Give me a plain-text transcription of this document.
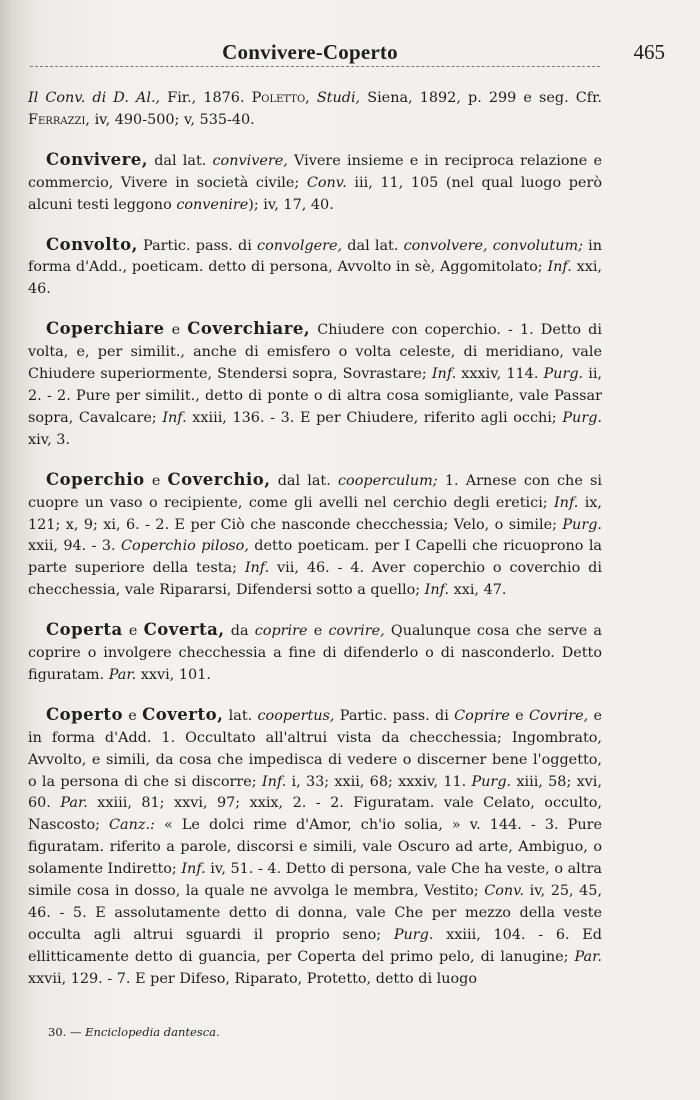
Convivere-Coperto	465

Il Conv. di D. Al., Fir., 1876. Poletto, Studi, Siena, 1892, p. 299 e seg. Cfr. Ferrazzi, iv, 490-500; v, 535-40.

Convivere, dal lat. convivere, Vivere insieme e in reciproca relazione e commercio, Vivere in società civile; Conv. iii, 11, 105 (nel qual luogo però alcuni testi leggono convenire); iv, 17, 40.

Convolto, Partic. pass. di convolgere, dal lat. convolvere, convolutum; in forma d'Add., poeticam. detto di persona, Avvolto in sè, Aggomitolato; Inf. xxi, 46.

Coperchiare e Coverchiare, Chiudere con coperchio. - 1. Detto di volta, e, per similit., anche di emisfero o volta celeste, di meridiano, vale Chiudere superiormente, Stendersi sopra, Sovrastare; Inf. xxxiv, 114. Purg. ii, 2. - 2. Pure per similit., detto di ponte o di altra cosa somigliante, vale Passar sopra, Cavalcare; Inf. xxiii, 136. - 3. E per Chiudere, riferito agli occhi; Purg. xiv, 3.

Coperchio e Coverchio, dal lat. cooperculum; 1. Arnese con che si cuopre un vaso o recipiente, come gli avelli nel cerchio degli eretici; Inf. ix, 121; x, 9; xi, 6. - 2. E per Ciò che nasconde checchessia; Velo, o simile; Purg. xxii, 94. - 3. Coperchio piloso, detto poeticam. per I Capelli che ricuoprono la parte superiore della testa; Inf. vii, 46. - 4. Aver coperchio o coverchio di checchessia, vale Ripararsi, Difendersi sotto a quello; Inf. xxi, 47.

Coperta e Coverta, da coprire e covrire, Qualunque cosa che serve a coprire o involgere checchessia a fine di difenderlo o di nasconderlo. Detto figuratam. Par. xxvi, 101.

Coperto e Coverto, lat. coopertus, Partic. pass. di Coprire e Covrire, e in forma d'Add. 1. Occultato all'altrui vista da checchessia; Ingombrato, Avvolto, e simili, da cosa che impedisca di vedere o discerner bene l'oggetto, o la persona di che si discorre; Inf. i, 33; xxii, 68; xxxiv, 11. Purg. xiii, 58; xvi, 60. Par. xxiii, 81; xxvi, 97; xxix, 2. - 2. Figuratam. vale Celato, occulto, Nascosto; Canz.: « Le dolci rime d'Amor, ch'io solia, » v. 144. - 3. Pure figuratam. riferito a parole, discorsi e simili, vale Oscuro ad arte, Ambiguo, o solamente Indiretto; Inf. iv, 51. - 4. Detto di persona, vale Che ha veste, o altra simile cosa in dosso, la quale ne avvolga le membra, Vestito; Conv. iv, 25, 45, 46. - 5. E assolutamente detto di donna, vale Che per mezzo della veste occulta agli altrui sguardi il proprio seno; Purg. xxiii, 104. - 6. Ed ellitticamente detto di guancia, per Coperta del primo pelo, di lanugine; Par. xxvii, 129. - 7. E per Difeso, Riparato, Protetto, detto di luogo

30. — Enciclopedia dantesca.
